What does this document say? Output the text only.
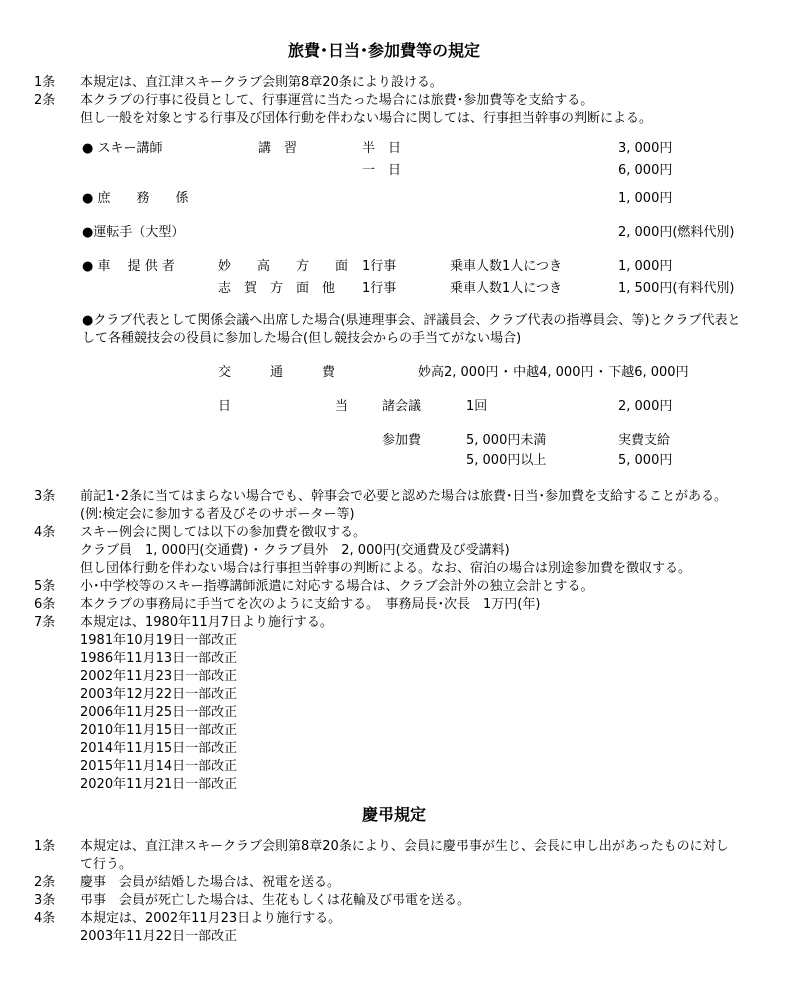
旅費･日当･参加費等の規定
1条 本規定は、直江津スキークラブ会則第8章20条により設ける。
2条 本クラブの行事に役員として、行事運営に当たった場合には旅費･参加費等を支給する。
但し一般を対象とする行事及び団体行動を伴わない場合に関しては、行事担当幹事の判断による。
● スキー講師	講　習	半　日	3, 000円
一　日	6, 000円
● 庶　　務　　係	1, 000円
●運転手（大型）	2, 000円(燃料代別)
● 車　 提 供 者	妙　　高　　方　　面 1行事	乗車人数1人につき	1, 000円
志　賀　方　面　他 1行事	乗車人数1人につき	1, 500円(有料代別)
●クラブ代表として関係会議へ出席した場合(県連理事会、評議員会、クラブ代表の指導員会、等)とクラブ代表と
して各種競技会の役員に参加した場合(但し競技会からの手当てがない場合)
交　　　通　　　費	妙高2, 000円 ･ 中越4, 000円 ･ 下越6, 000円
日　　　　　　　　当	諸会議	1回	2, 000円
参加費	5, 000円未満	実費支給
5, 000円以上	5, 000円
3条 前記1･2条に当てはまらない場合でも、幹事会で必要と認めた場合は旅費･日当･参加費を支給することがある。
(例:検定会に参加する者及びそのサポーター等)
4条 スキー例会に関しては以下の参加費を徴収する。
クラブ員　1, 000円(交通費) ･ クラブ員外　2, 000円(交通費及び受講料)
但し団体行動を伴わない場合は行事担当幹事の判断による。なお、宿泊の場合は別途参加費を徴収する。
5条 小･中学校等のスキー指導講師派遣に対応する場合は、クラブ会計外の独立会計とする。
6条 本クラブの事務局に手当てを次のように支給する。　事務局長･次長　1万円(年)
7条 本規定は、1980年11月7日より施行する。
1981年10月19日一部改正
1986年11月13日一部改正
2002年11月23日一部改正
2003年12月22日一部改正
2006年11月25日一部改正
2010年11月15日一部改正
2014年11月15日一部改正
2015年11月14日一部改正
2020年11月21日一部改正
慶弔規定
1条 本規定は、直江津スキークラブ会則第8章20条により、会員に慶弔事が生じ、会長に申し出があったものに対し
て行う。
2条 慶事　会員が結婚した場合は、祝電を送る。
3条 弔事　会員が死亡した場合は、生花もしくは花輪及び弔電を送る。
4条 本規定は、2002年11月23日より施行する。
2003年11月22日一部改正
